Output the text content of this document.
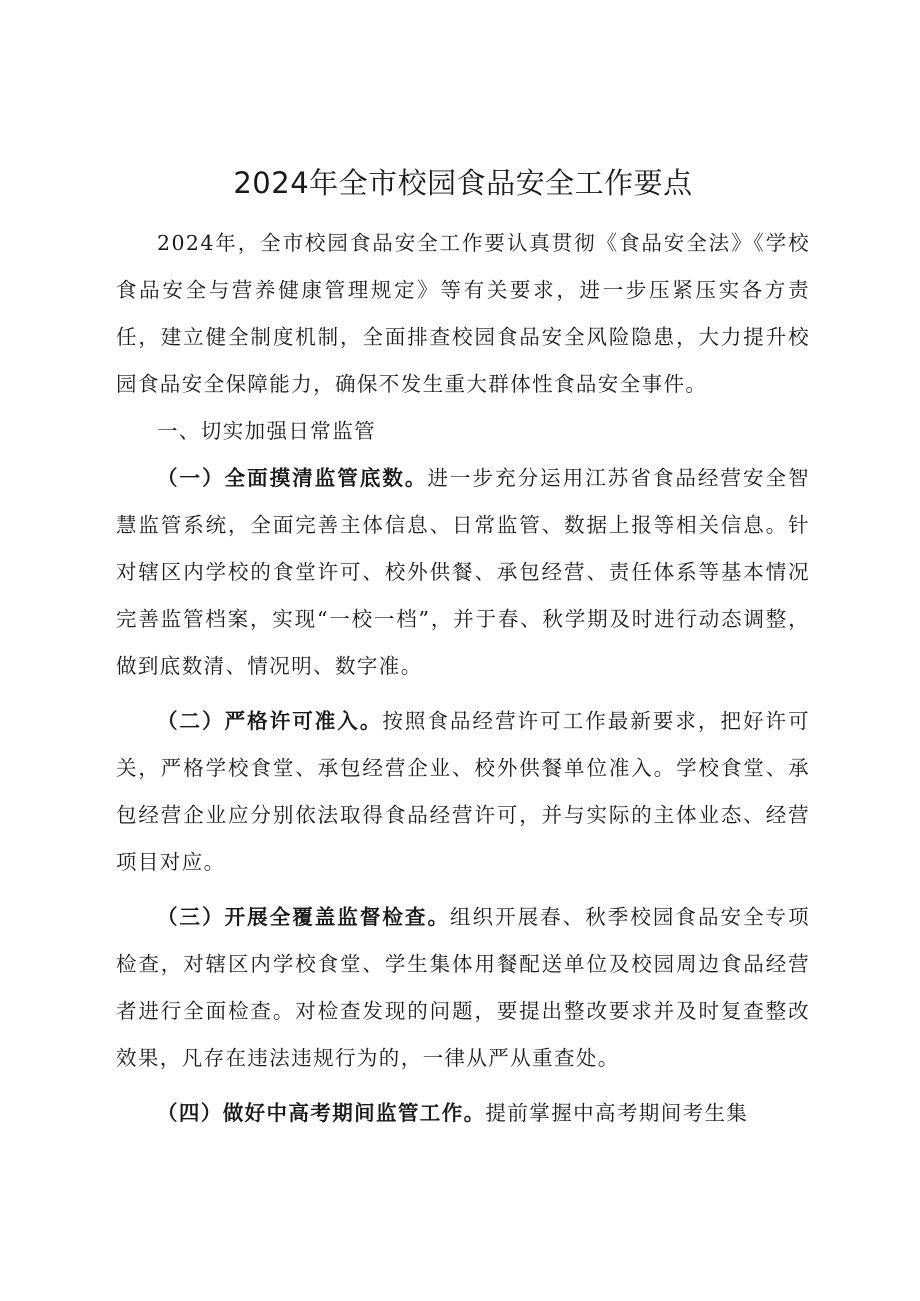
2024年全市校园食品安全工作要点

2024年，全市校园食品安全工作要认真贯彻《食品安全法》《学校食品安全与营养健康管理规定》等有关要求，进一步压紧压实各方责任，建立健全制度机制，全面排查校园食品安全风险隐患，大力提升校园食品安全保障能力，确保不发生重大群体性食品安全事件。

一、切实加强日常监管

（一）全面摸清监管底数。进一步充分运用江苏省食品经营安全智慧监管系统，全面完善主体信息、日常监管、数据上报等相关信息。针对辖区内学校的食堂许可、校外供餐、承包经营、责任体系等基本情况完善监管档案，实现“一校一档”，并于春、秋学期及时进行动态调整，做到底数清、情况明、数字准。

（二）严格许可准入。按照食品经营许可工作最新要求，把好许可关，严格学校食堂、承包经营企业、校外供餐单位准入。学校食堂、承包经营企业应分别依法取得食品经营许可，并与实际的主体业态、经营项目对应。

（三）开展全覆盖监督检查。组织开展春、秋季校园食品安全专项检查，对辖区内学校食堂、学生集体用餐配送单位及校园周边食品经营者进行全面检查。对检查发现的问题，要提出整改要求并及时复查整改效果，凡存在违法违规行为的，一律从严从重查处。

（四）做好中高考期间监管工作。提前掌握中高考期间考生集
